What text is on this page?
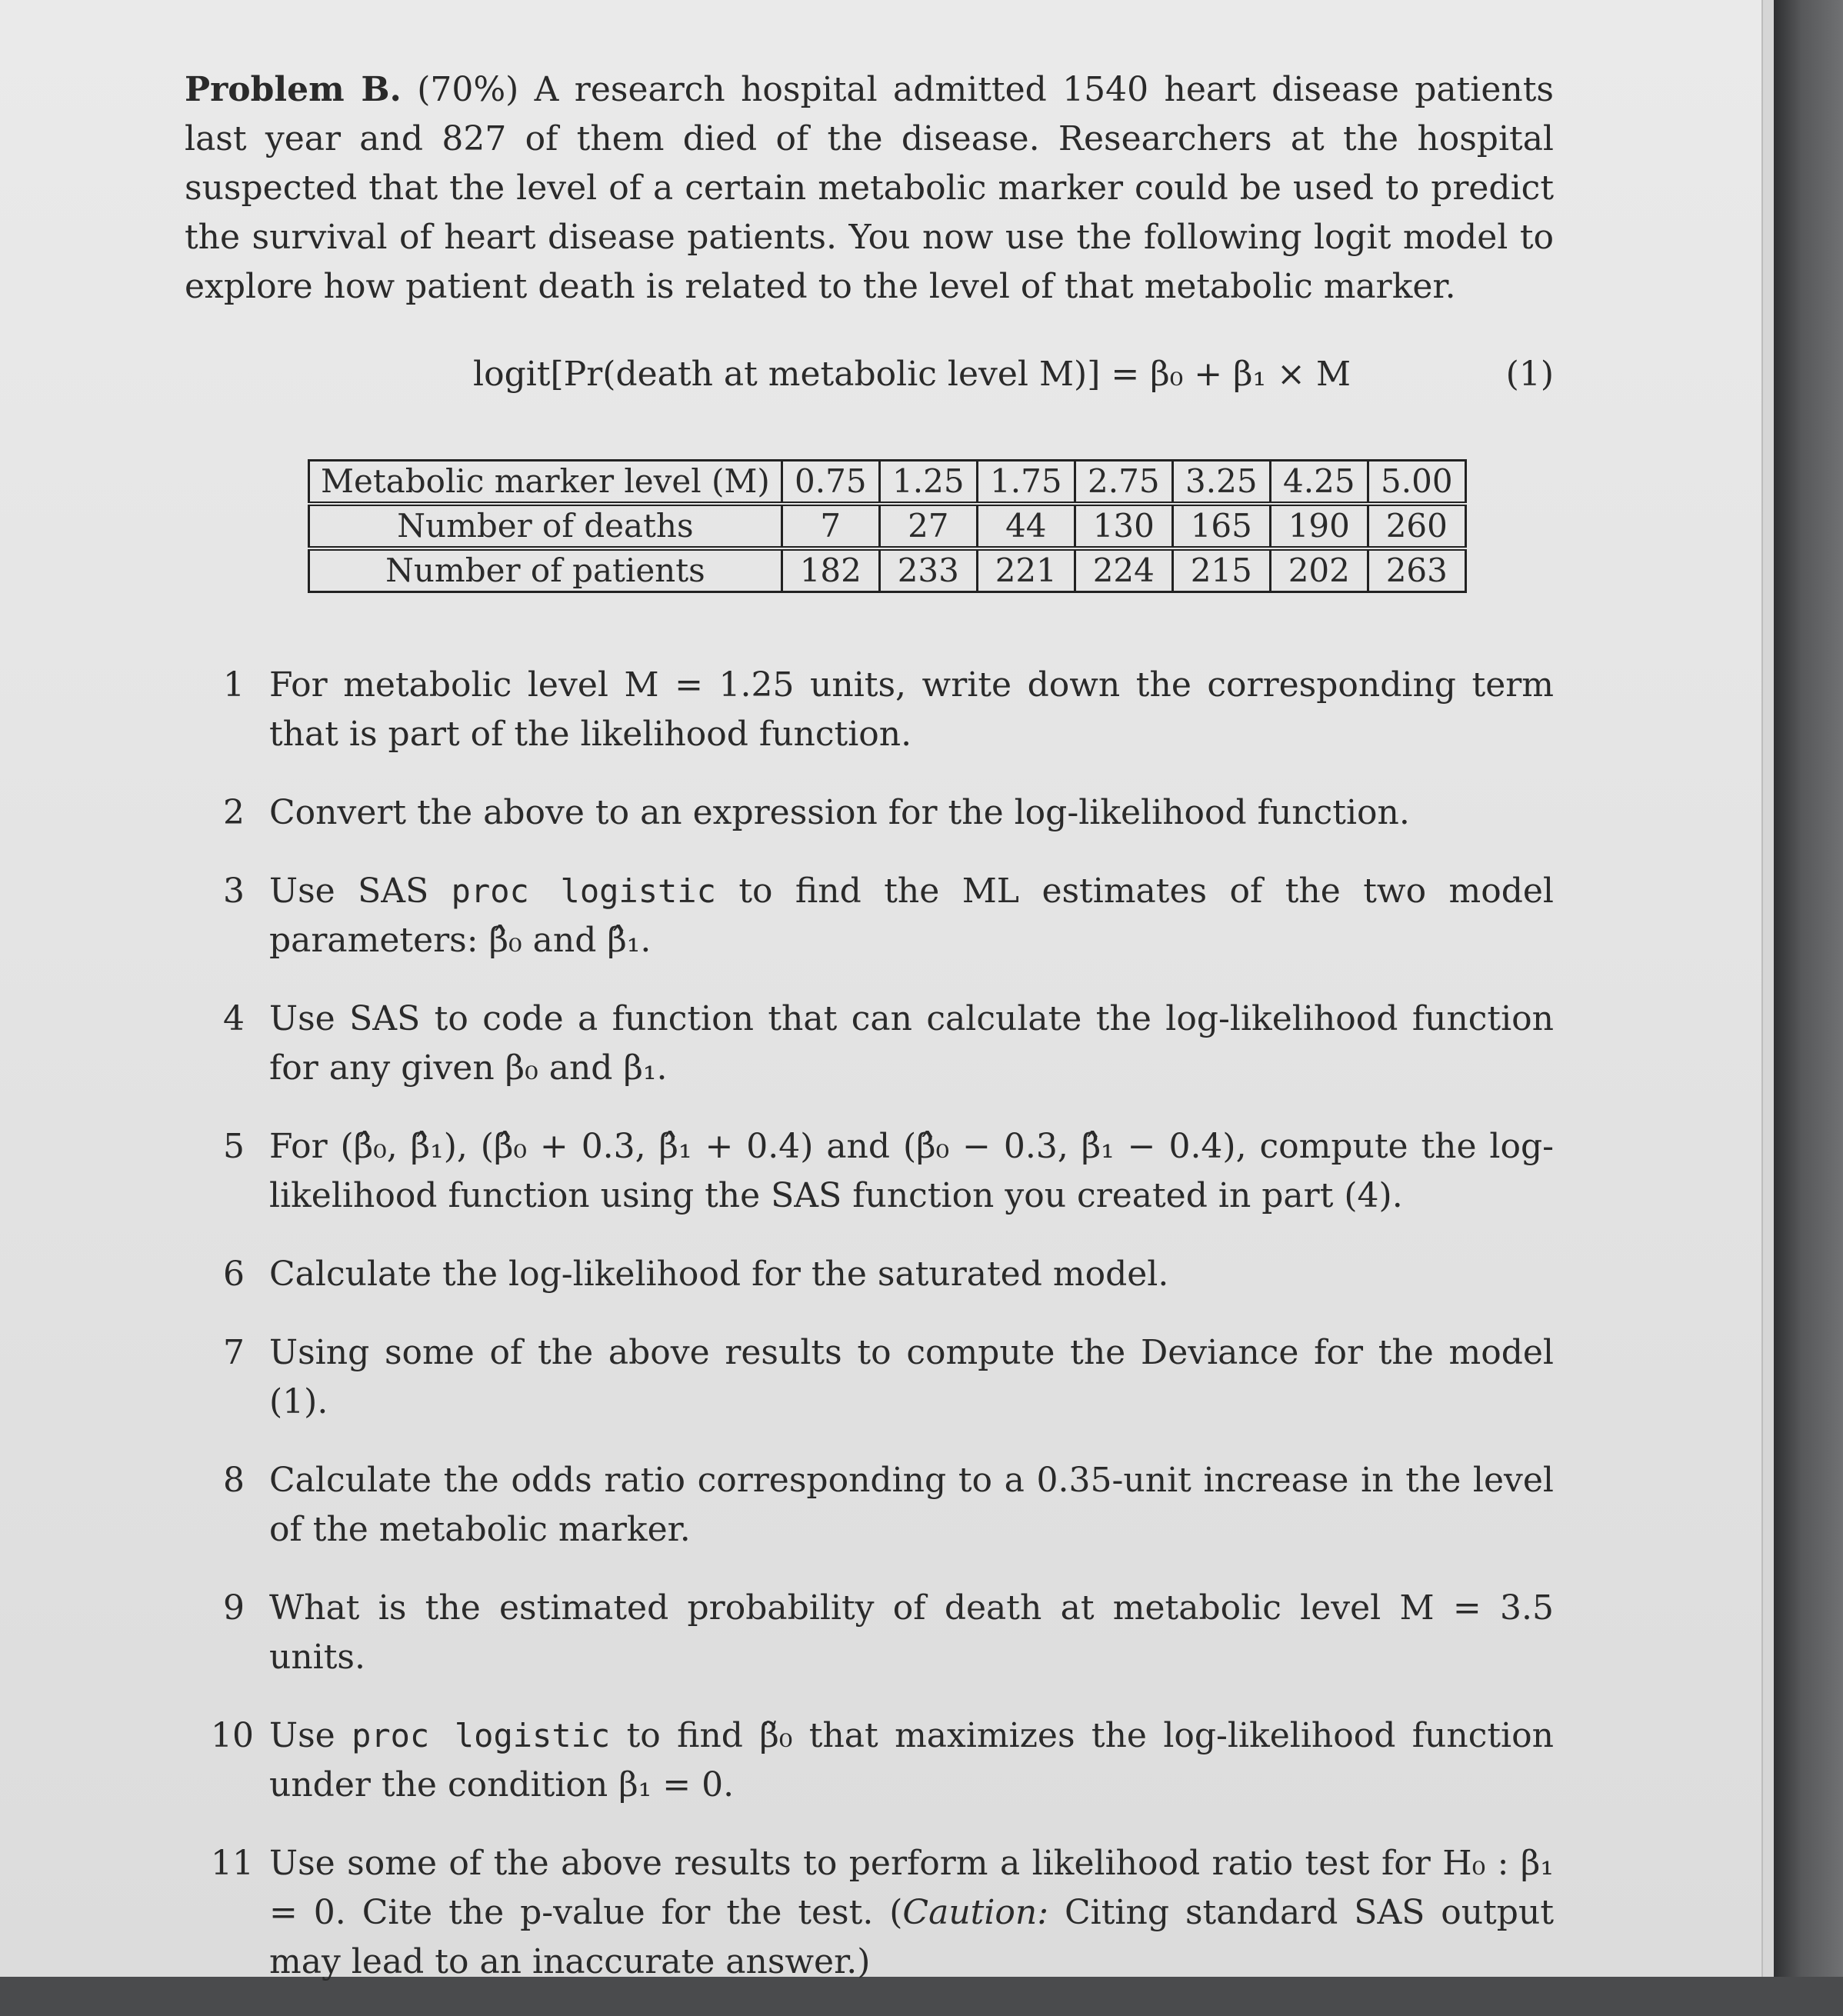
Problem B. (70%) A research hospital admitted 1540 heart disease patients last year and 827 of them died of the disease. Researchers at the hospital suspected that the level of a certain metabolic marker could be used to predict the survival of heart disease patients. You now use the following logit model to explore how patient death is related to the level of that metabolic marker.

logit[Pr(death at metabolic level M)] = β₀ + β₁ × M	(1)
Metabolic marker level (M)	0.75	1.25	1.75	2.75	3.25	4.25	5.00
Number of deaths	7	27	44	130	165	190	260
Number of patients	182	233	221	224	215	202	263
1 For metabolic level M = 1.25 units, write down the corresponding term that is part of the likelihood function.
2 Convert the above to an expression for the log-likelihood function.
3 Use SAS proc logistic to find the ML estimates of the two model parameters: β̂₀ and β̂₁.
4 Use SAS to code a function that can calculate the log-likelihood function for any given β₀ and β₁.
5 For (β̂₀, β̂₁), (β̂₀ + 0.3, β̂₁ + 0.4) and (β̂₀ − 0.3, β̂₁ − 0.4), compute the log-likelihood function using the SAS function you created in part (4).
6 Calculate the log-likelihood for the saturated model.
7 Using some of the above results to compute the Deviance for the model (1).
8 Calculate the odds ratio corresponding to a 0.35-unit increase in the level of the metabolic marker.
9 What is the estimated probability of death at metabolic level M = 3.5 units.
10 Use proc logistic to find β̃₀ that maximizes the log-likelihood function under the condition β₁ = 0.
11 Use some of the above results to perform a likelihood ratio test for H₀ : β₁ = 0. Cite the p-value for the test. (Caution: Citing standard SAS output may lead to an inaccurate answer.)
